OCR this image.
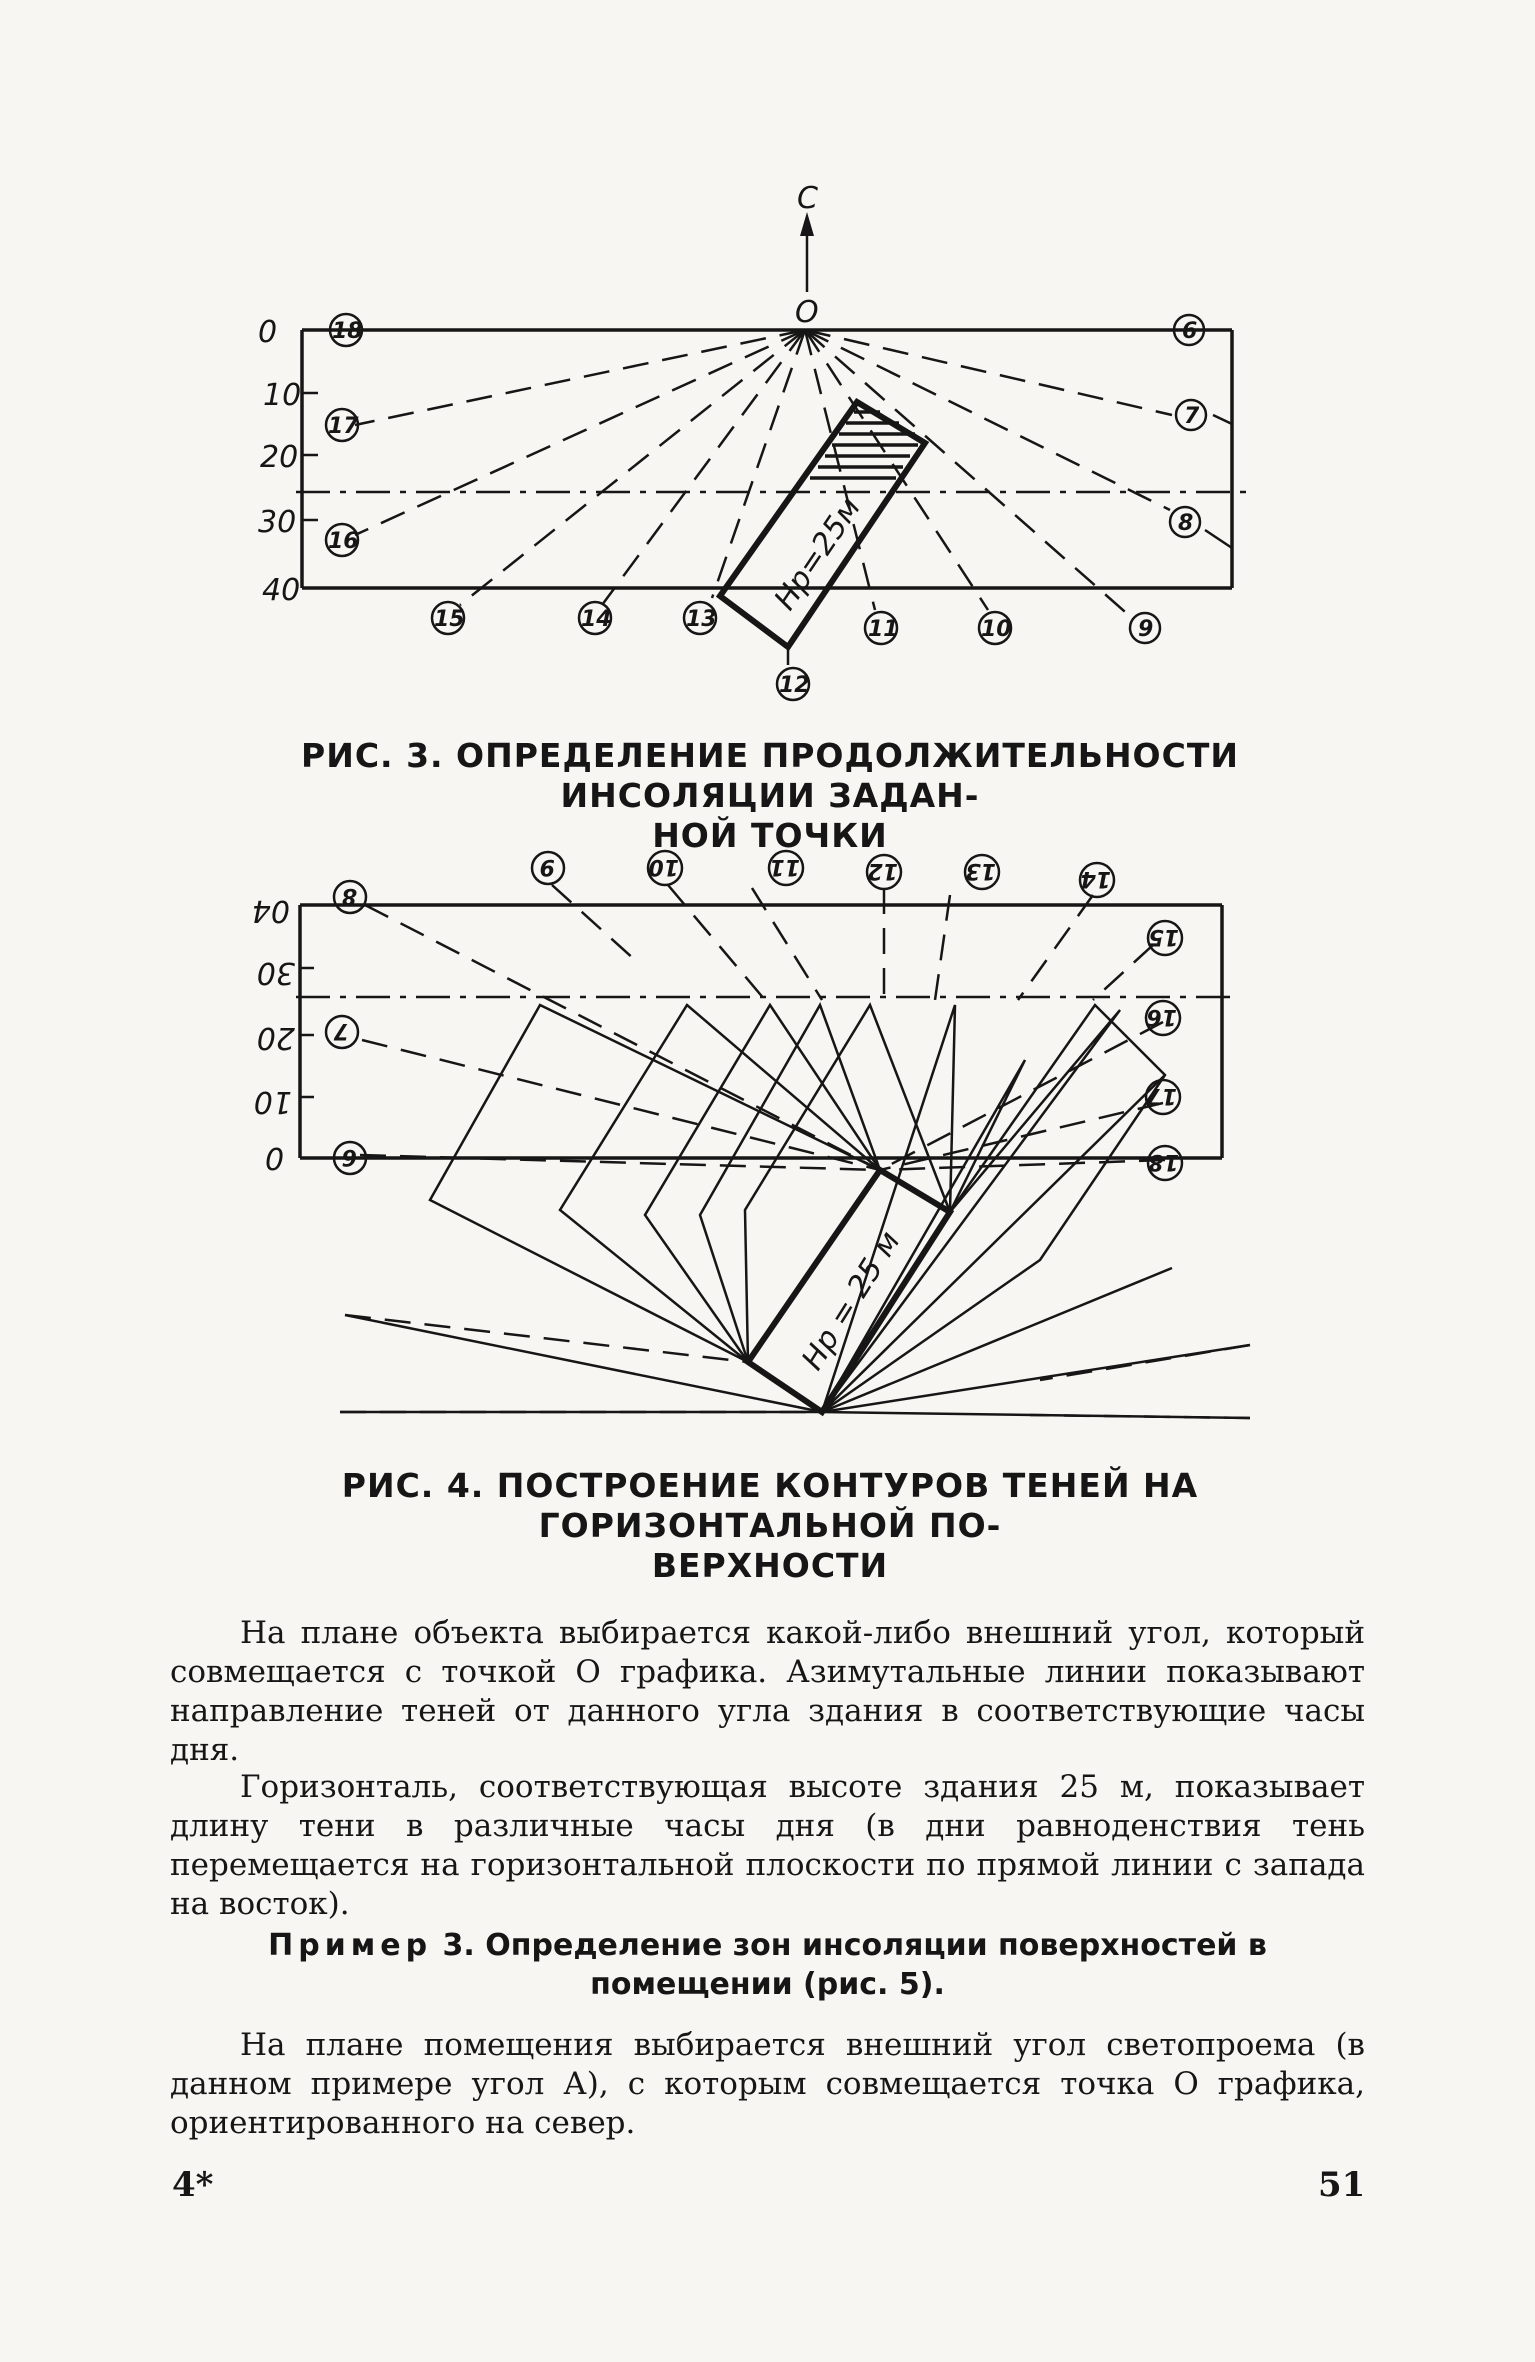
С
О
0
10
20
30
40	Нр=25м
6
7
8
9
10
11
12
13
14
15
16
17
18

РИС. 3. ОПРЕДЕЛЕНИЕ ПРОДОЛЖИТЕЛЬНОСТИ ИНСОЛЯЦИИ ЗАДАН-
НОЙ ТОЧКИ

04
30
20
10
0
Нр = 25 м
8
7
6
9	10	11	12	13	14
15
16
17
18

РИС. 4. ПОСТРОЕНИЕ КОНТУРОВ ТЕНЕЙ НА ГОРИЗОНТАЛЬНОЙ ПО-
ВЕРХНОСТИ

На плане объекта выбирается какой-либо внешний угол, который совмещается с точкой О графика. Азимутальные линии показывают направление теней от данного угла здания в соответствующие часы дня.

Горизонталь, соответствующая высоте здания 25 м, показывает длину тени в различные часы дня (в дни равноденствия тень перемещается на горизонтальной плоскости по прямой линии с запада на восток).

Пример 3. Определение зон инсоляции поверхностей в помещении (рис. 5).

На плане помещения выбирается внешний угол светопроема (в данном примере угол А), с которым совмещается точка О графика, ориентированного на север.

4*	51
